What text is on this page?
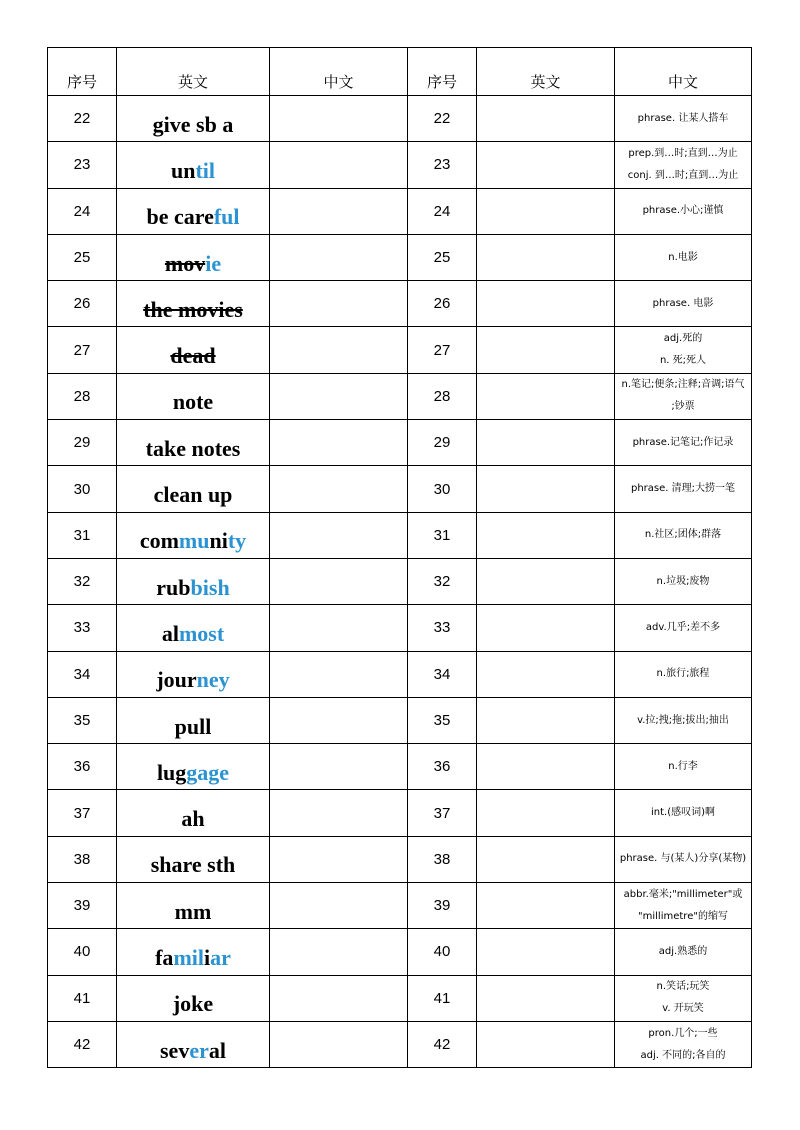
序号	英文	中文	序号	英文	中文
22	give sb a		22		phrase. 让某人搭车

23	until		23		prep.到…时;直到…为止
conj. 到…时;直到…为止

24	be careful		24		phrase.小心;谨慎

25	movie		25		n.电影

26	the movies		26		phrase. 电影

27	dead		27		adj.死的
n. 死;死人

28	note		28		n.笔记;便条;注释;音调;语气
;钞票

29	take notes		29		phrase.记笔记;作记录

30	clean up		30		phrase. 清理;大捞一笔

31	community		31		n.社区;团体;群落

32	rubbish		32		n.垃圾;废物

33	almost		33		adv.几乎;差不多

34	journey		34		n.旅行;旅程

35	pull		35		v.拉;拽;拖;拔出;抽出

36	luggage		36		n.行李

37	ah		37		int.(感叹词)啊

38	share sth		38		phrase. 与(某人)分享(某物)

39	mm		39		abbr.毫米;"millimeter"或
"millimetre"的缩写

40	familiar		40		adj.熟悉的

41	joke		41		n.笑话;玩笑
v. 开玩笑

42	several		42		pron.几个;一些
adj. 不同的;各自的
